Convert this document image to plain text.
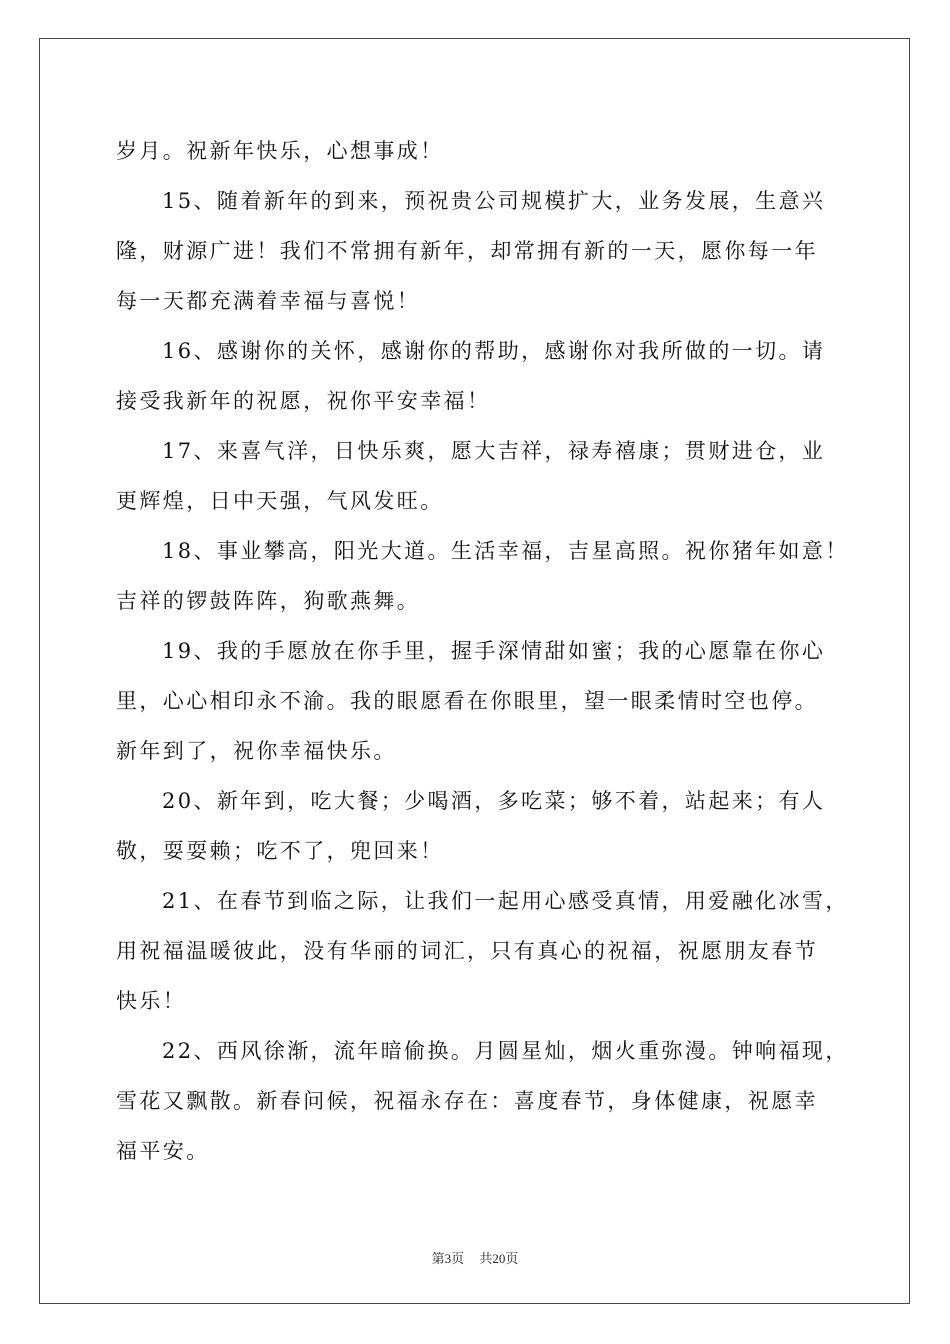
岁月。祝新年快乐，心想事成！
15、随着新年的到来，预祝贵公司规模扩大，业务发展，生意兴
隆，财源广进！我们不常拥有新年，却常拥有新的一天，愿你每一年
每一天都充满着幸福与喜悦！
16、感谢你的关怀，感谢你的帮助，感谢你对我所做的一切。请
接受我新年的祝愿，祝你平安幸福！
17、来喜气洋，日快乐爽，愿大吉祥，禄寿禧康；贯财进仓，业
更辉煌，日中天强，气风发旺。
18、事业攀高，阳光大道。生活幸福，吉星高照。祝你猪年如意！
吉祥的锣鼓阵阵，狗歌燕舞。
19、我的手愿放在你手里，握手深情甜如蜜；我的心愿靠在你心
里，心心相印永不渝。我的眼愿看在你眼里，望一眼柔情时空也停。
新年到了，祝你幸福快乐。
20、新年到，吃大餐；少喝酒，多吃菜；够不着，站起来；有人
敬，耍耍赖；吃不了，兜回来！
21、在春节到临之际，让我们一起用心感受真情，用爱融化冰雪，
用祝福温暖彼此，没有华丽的词汇，只有真心的祝福，祝愿朋友春节
快乐！
22、西风徐渐，流年暗偷换。月圆星灿，烟火重弥漫。钟响福现，
雪花又飘散。新春问候，祝福永存在：喜度春节，身体健康，祝愿幸
福平安。
第3页 共20页
